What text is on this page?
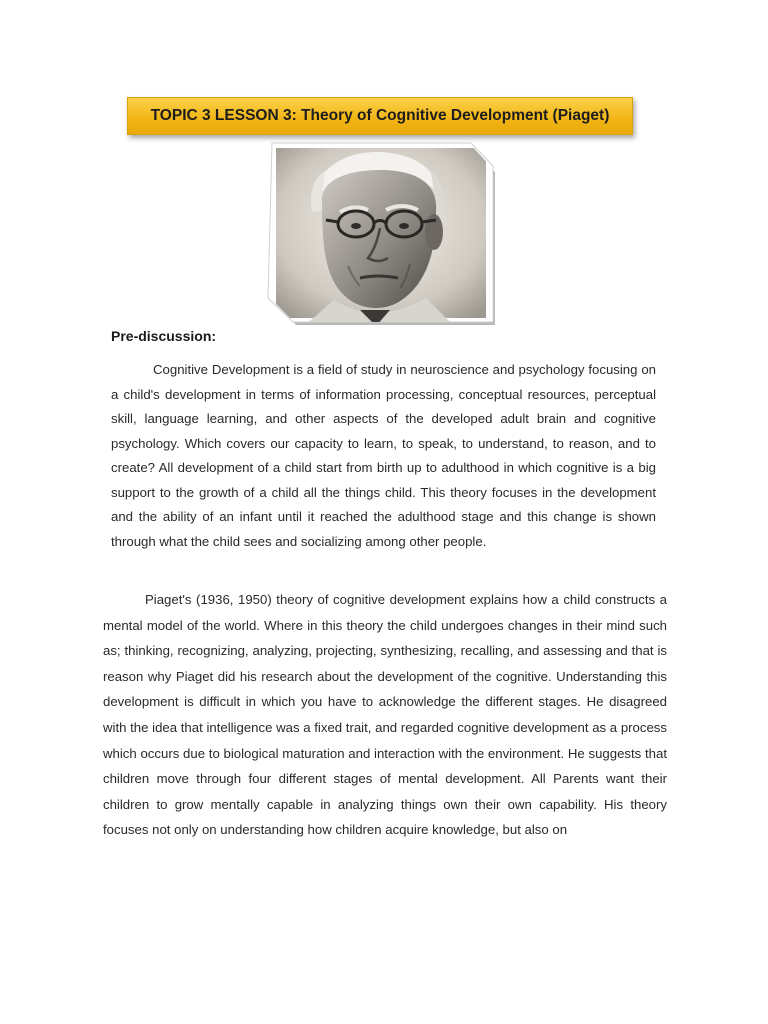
TOPIC 3 LESSON 3: Theory of Cognitive Development (Piaget)
Pre-discussion:

Cognitive Development is a field of study in neuroscience and psychology focusing on a child's development in terms of information processing, conceptual resources, perceptual skill, language learning, and other aspects of the developed adult brain and cognitive psychology. Which covers our capacity to learn, to speak, to understand, to reason, and to create? All development of a child start from birth up to adulthood in which cognitive is a big support to the growth of a child all the things child. This theory focuses in the development and the ability of an infant until it reached the adulthood stage and this change is shown through what the child sees and socializing among other people.

Piaget's (1936, 1950) theory of cognitive development explains how a child constructs a mental model of the world. Where in this theory the child undergoes changes in their mind such as; thinking, recognizing, analyzing, projecting, synthesizing, recalling, and assessing and that is reason why Piaget did his research about the development of the cognitive. Understanding this development is difficult in which you have to acknowledge the different stages. He disagreed with the idea that intelligence was a fixed trait, and regarded cognitive development as a process which occurs due to biological maturation and interaction with the environment. He suggests that children move through four different stages of mental development. All Parents want their children to grow mentally capable in analyzing things own their own capability. His theory focuses not only on understanding how children acquire knowledge, but also on
